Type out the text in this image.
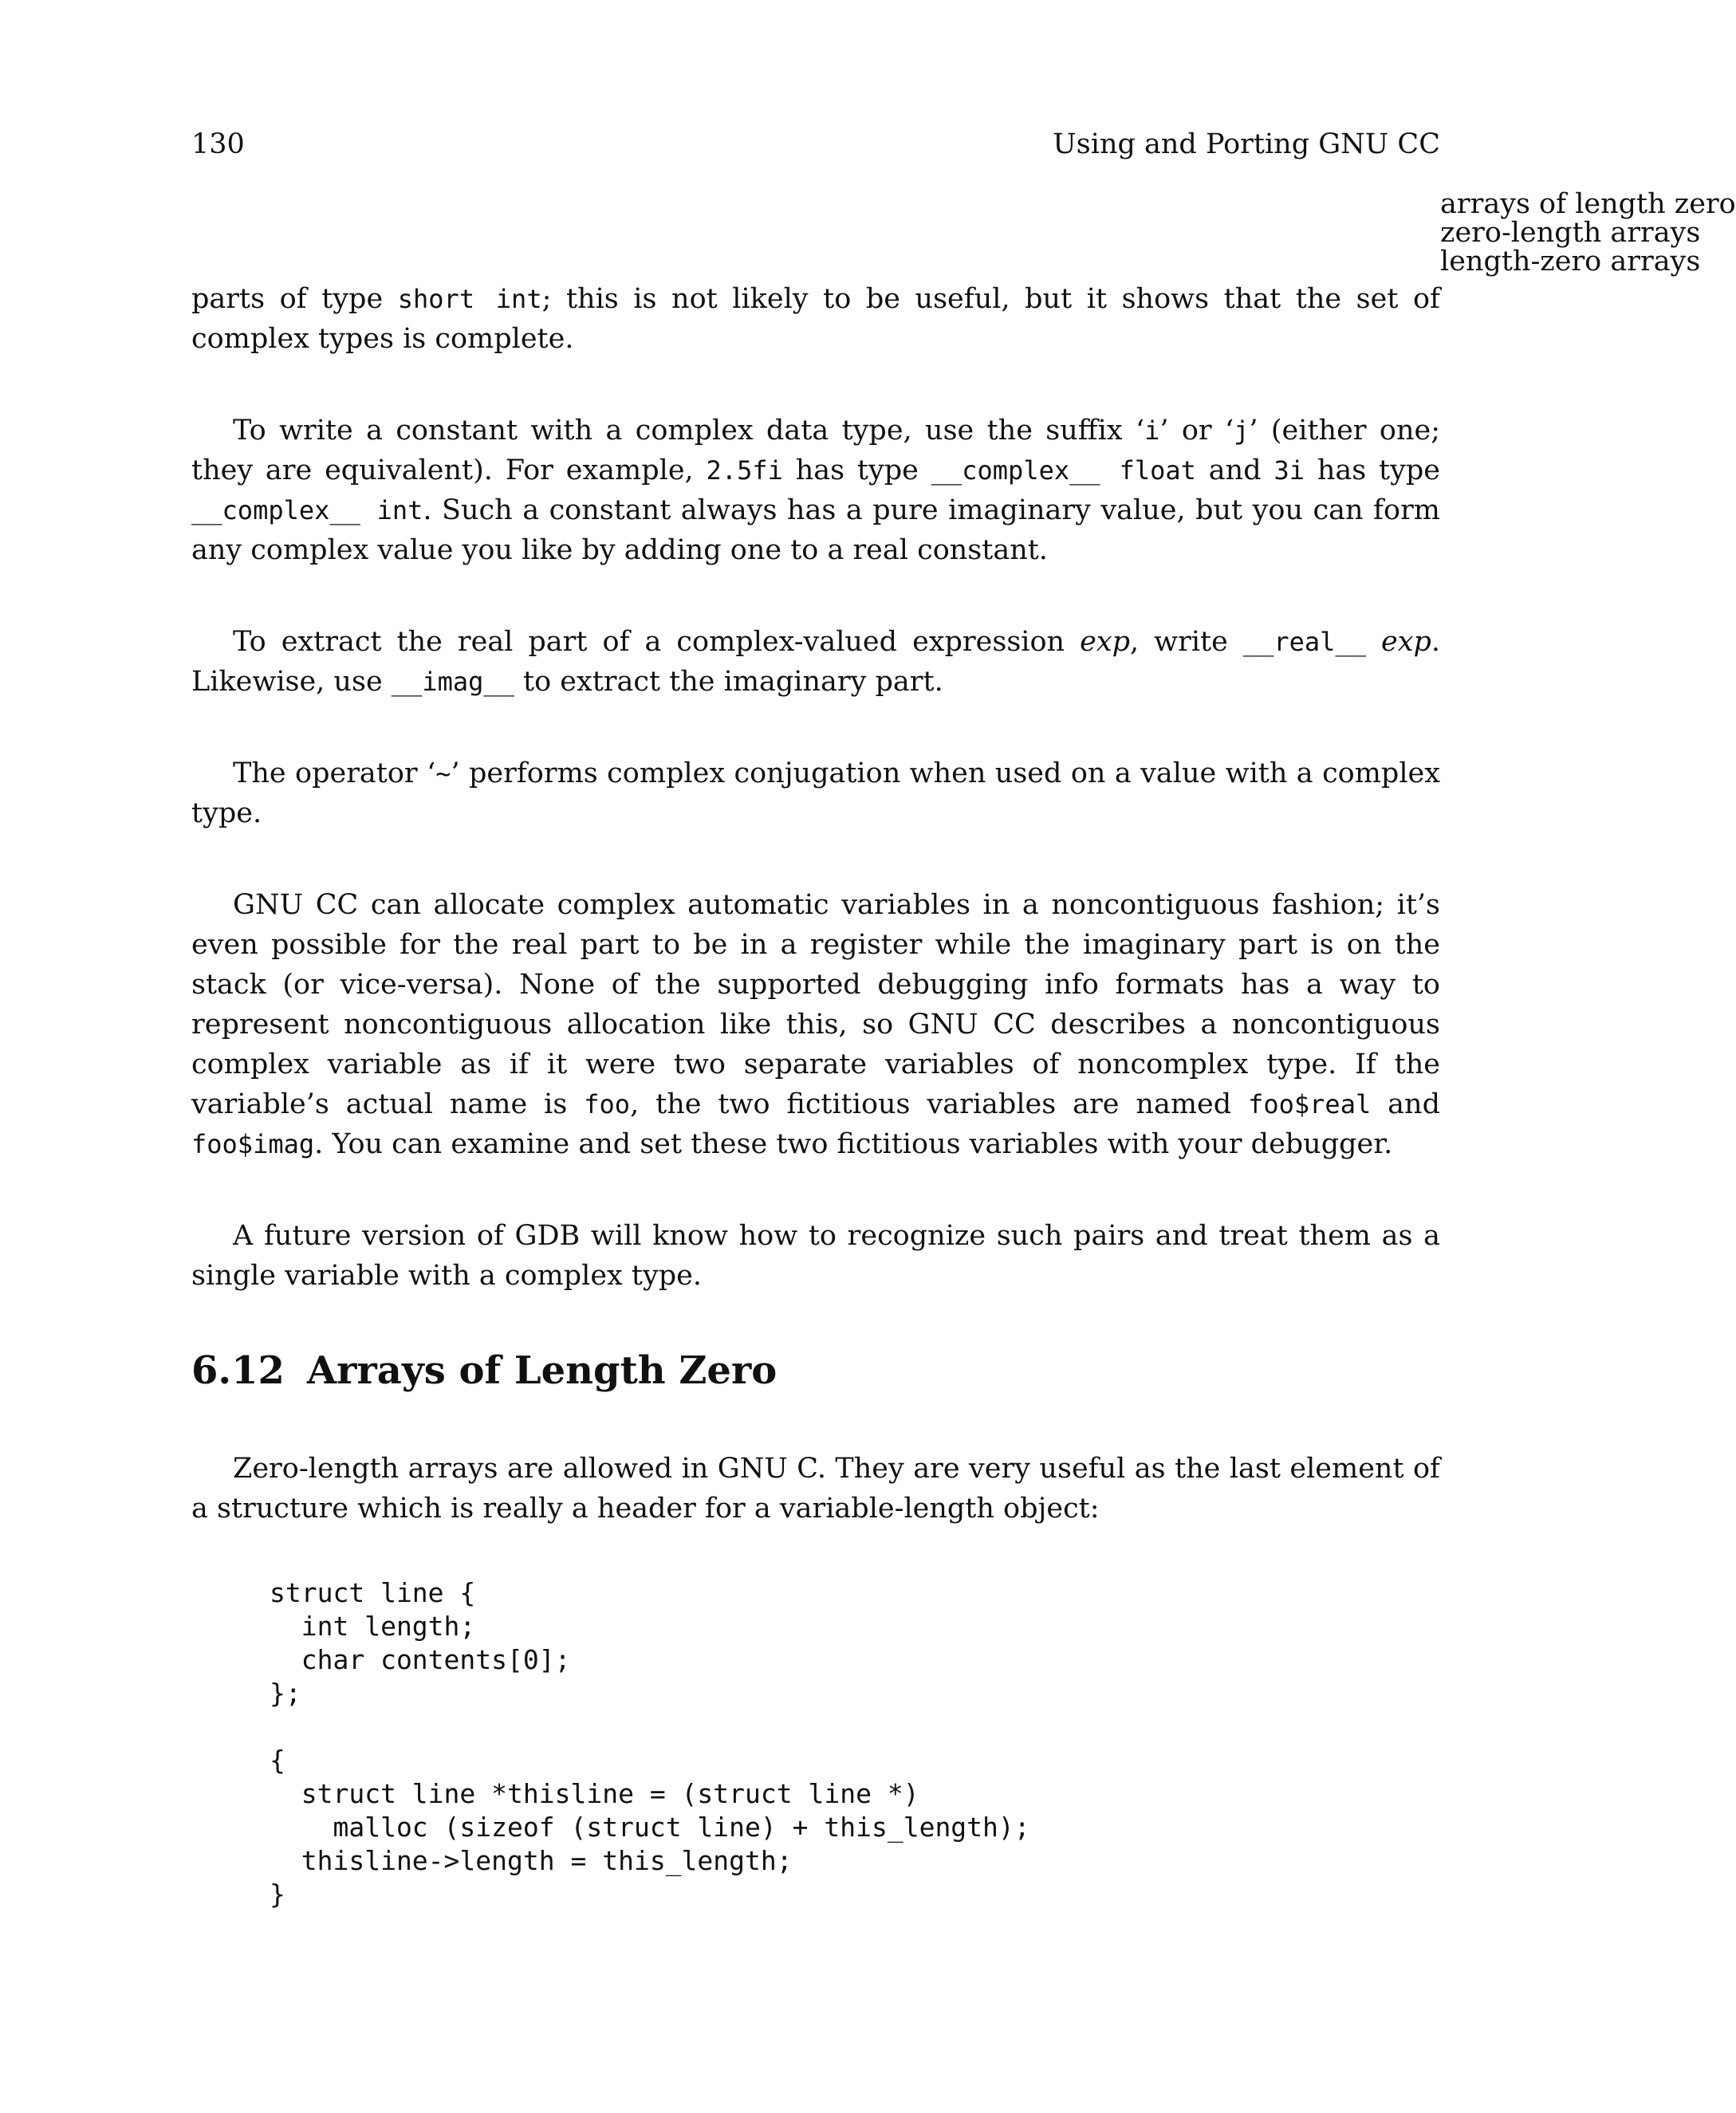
130	Using and Porting GNU CC
arrays of length zero
zero-length arrays
length-zero arrays

parts of type short int; this is not likely to be useful, but it shows that the set of complex types is complete.

To write a constant with a complex data type, use the suffix ‘i’ or ‘j’ (either one; they are equivalent). For example, 2.5fi has type __complex__ float and 3i has type __complex__ int. Such a constant always has a pure imaginary value, but you can form any complex value you like by adding one to a real constant.

To extract the real part of a complex-valued expression exp, write __real__ exp. Likewise, use __imag__ to extract the imaginary part.

The operator ‘~’ performs complex conjugation when used on a value with a complex type.

GNU CC can allocate complex automatic variables in a noncontiguous fashion; it’s even possible for the real part to be in a register while the imaginary part is on the stack (or vice-versa). None of the supported debugging info formats has a way to represent noncontiguous allocation like this, so GNU CC describes a noncontiguous complex variable as if it were two separate variables of noncomplex type. If the variable’s actual name is foo, the two fictitious variables are named foo$real and foo$imag. You can examine and set these two fictitious variables with your debugger.

A future version of GDB will know how to recognize such pairs and treat them as a single variable with a complex type.

6.12 Arrays of Length Zero

Zero-length arrays are allowed in GNU C. They are very useful as the last element of a structure which is really a header for a variable-length object:

struct line {
int length;
char contents[0];
};
{
struct line *thisline = (struct line *)
malloc (sizeof (struct line) + this_length);
thisline->length = this_length;
}
